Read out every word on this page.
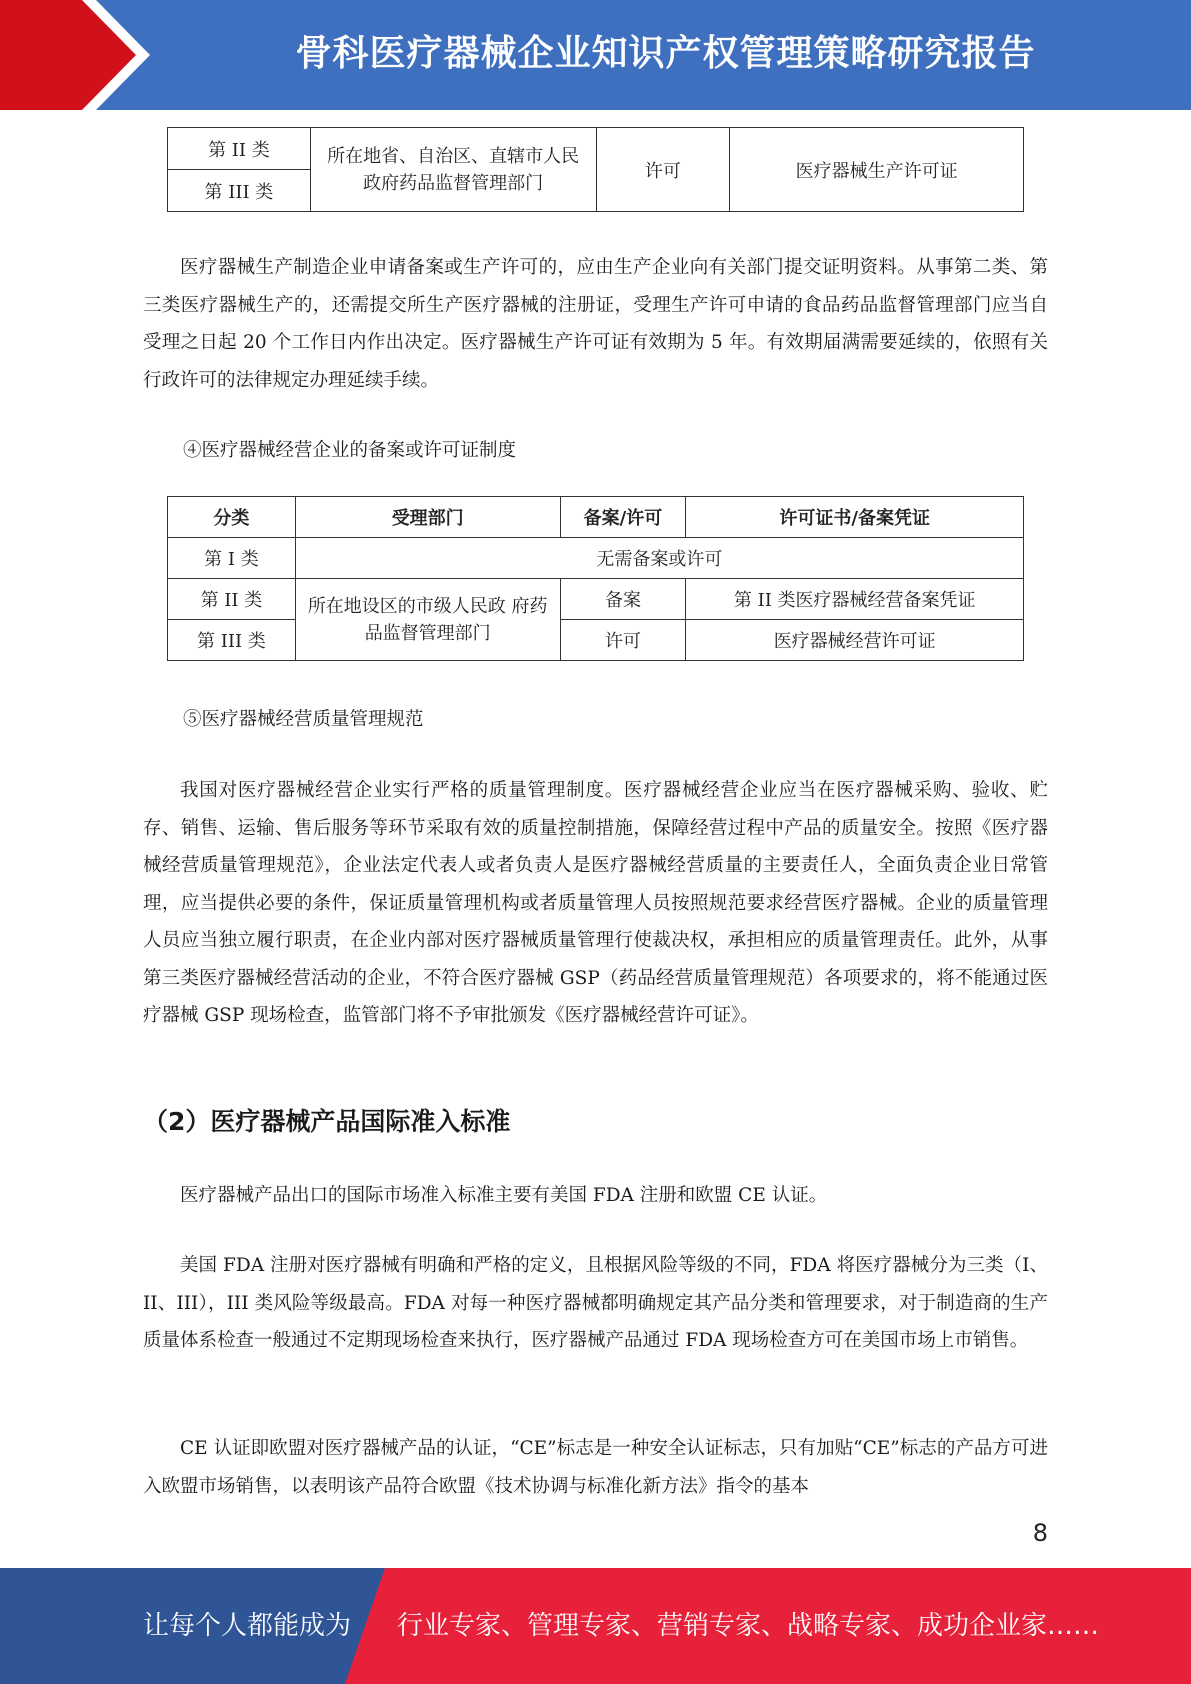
骨科医疗器械企业知识产权管理策略研究报告
第 II 类	所在地省、自治区、直辖市人民政府药品监督管理部门	许可	医疗器械生产许可证
第 III 类

医疗器械生产制造企业申请备案或生产许可的，应由生产企业向有关部门提交证明资料。从事第二类、第三类医疗器械生产的，还需提交所生产医疗器械的注册证，受理生产许可申请的食品药品监督管理部门应当自受理之日起 20 个工作日内作出决定。医疗器械生产许可证有效期为 5 年。有效期届满需要延续的，依照有关行政许可的法律规定办理延续手续。

④医疗器械经营企业的备案或许可证制度

分类	受理部门	备案/许可	许可证书/备案凭证
第 I 类	无需备案或许可		
第 II 类	所在地设区的市级人民政 府药品监督管理部门	备案	第 II 类医疗器械经营备案凭证
第 III 类		许可	医疗器械经营许可证

⑤医疗器械经营质量管理规范

我国对医疗器械经营企业实行严格的质量管理制度。医疗器械经营企业应当在医疗器械采购、验收、贮存、销售、运输、售后服务等环节采取有效的质量控制措施，保障经营过程中产品的质量安全。按照《医疗器械经营质量管理规范》，企业法定代表人或者负责人是医疗器械经营质量的主要责任人，全面负责企业日常管理，应当提供必要的条件，保证质量管理机构或者质量管理人员按照规范要求经营医疗器械。企业的质量管理人员应当独立履行职责，在企业内部对医疗器械质量管理行使裁决权，承担相应的质量管理责任。此外，从事第三类医疗器械经营活动的企业，不符合医疗器械 GSP（药品经营质量管理规范）各项要求的，将不能通过医疗器械 GSP 现场检查，监管部门将不予审批颁发《医疗器械经营许可证》。

（2）医疗器械产品国际准入标准

医疗器械产品出口的国际市场准入标准主要有美国 FDA 注册和欧盟 CE 认证。

美国 FDA 注册对医疗器械有明确和严格的定义，且根据风险等级的不同，FDA 将医疗器械分为三类（I、II、III），III 类风险等级最高。FDA 对每一种医疗器械都明确规定其产品分类和管理要求，对于制造商的生产质量体系检查一般通过不定期现场检查来执行，医疗器械产品通过 FDA 现场检查方可在美国市场上市销售。

CE 认证即欧盟对医疗器械产品的认证，“CE”标志是一种安全认证标志，只有加贴“CE”标志的产品方可进入欧盟市场销售，以表明该产品符合欧盟《技术协调与标准化新方法》指令的基本

8
让每个人都能成为 行业专家、管理专家、营销专家、战略专家、成功企业家……
